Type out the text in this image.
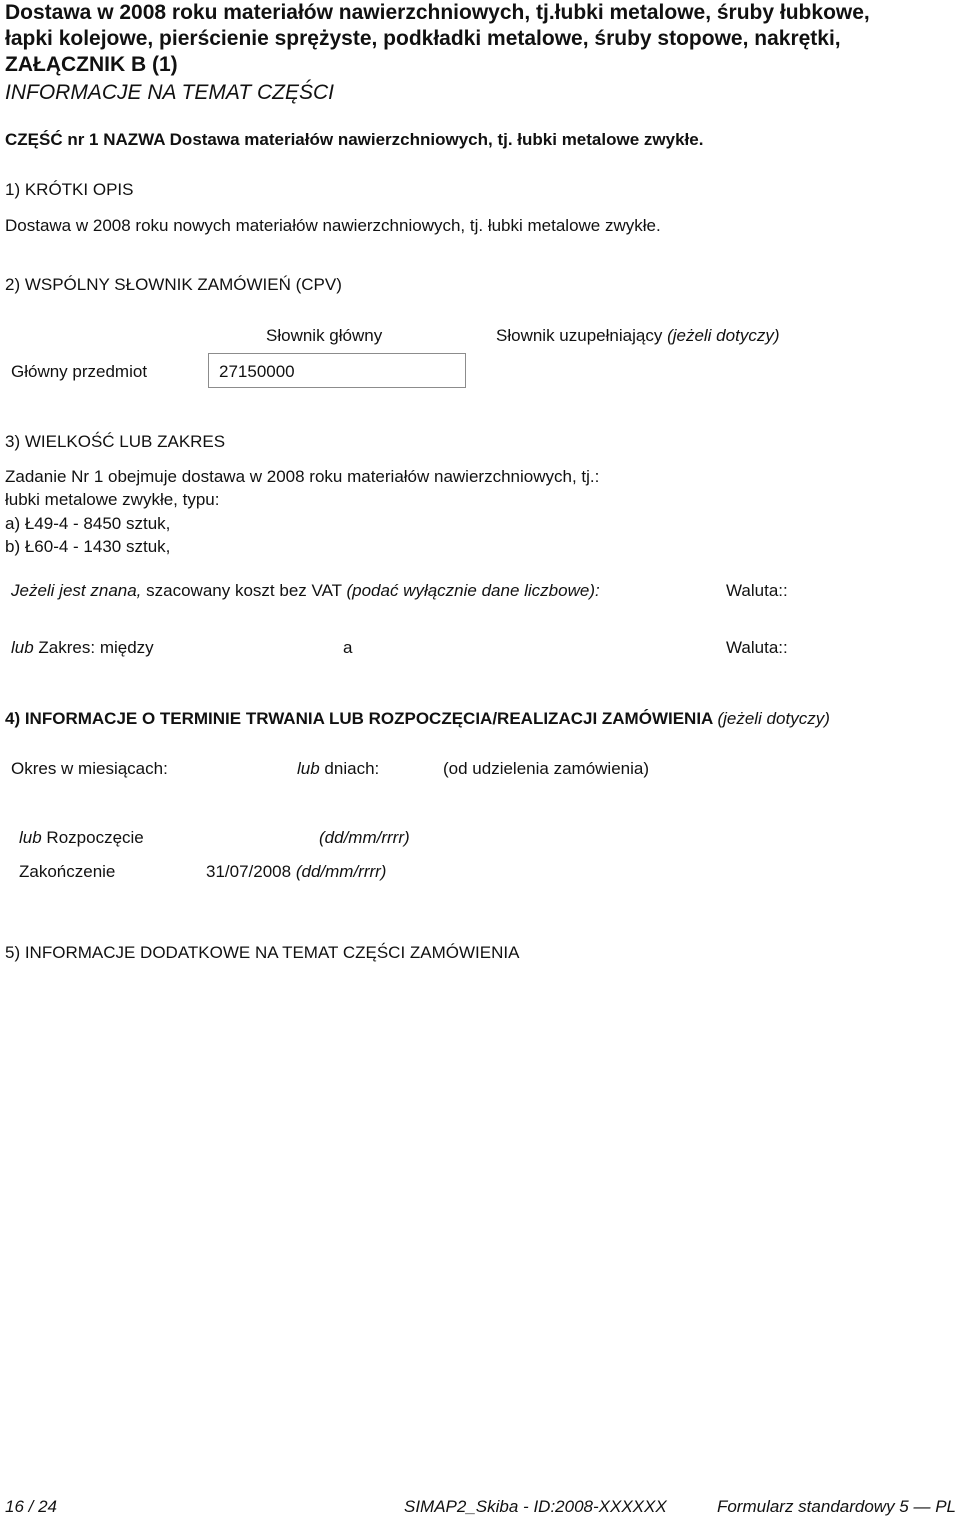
Dostawa w 2008 roku materiałów nawierzchniowych, tj.łubki metalowe, śruby łubkowe,
łapki kolejowe, pierścienie sprężyste, podkładki metalowe, śruby stopowe, nakrętki,
ZAŁĄCZNIK B (1)
INFORMACJE NA TEMAT CZĘŚCI
CZĘŚĆ nr 1 NAZWA Dostawa materiałów nawierzchniowych, tj. łubki metalowe zwykłe.
1) KRÓTKI OPIS
Dostawa w 2008 roku nowych materiałów nawierzchniowych, tj. łubki metalowe zwykłe.
2) WSPÓLNY SŁOWNIK ZAMÓWIEŃ (CPV)
Słownik główny	Słownik uzupełniający (jeżeli dotyczy)
Główny przedmiot	27150000
3) WIELKOŚĆ LUB ZAKRES
Zadanie Nr 1 obejmuje dostawa w 2008 roku materiałów nawierzchniowych, tj.:
łubki metalowe zwykłe, typu:
a) Ł49-4 - 8450 sztuk,
b) Ł60-4 - 1430 sztuk,
Jeżeli jest znana, szacowany koszt bez VAT (podać wyłącznie dane liczbowe):	Waluta::
lub Zakres: między	a	Waluta::
4) INFORMACJE O TERMINIE TRWANIA LUB ROZPOCZĘCIA/REALIZACJI ZAMÓWIENIA (jeżeli dotyczy)
Okres w miesiącach:	lub dniach:	(od udzielenia zamówienia)
lub Rozpoczęcie	(dd/mm/rrrr)
Zakończenie	31/07/2008 (dd/mm/rrrr)
5) INFORMACJE DODATKOWE NA TEMAT CZĘŚCI ZAMÓWIENIA
16 / 24	SIMAP2_Skiba - ID:2008-XXXXXX	Formularz standardowy 5 — PL
